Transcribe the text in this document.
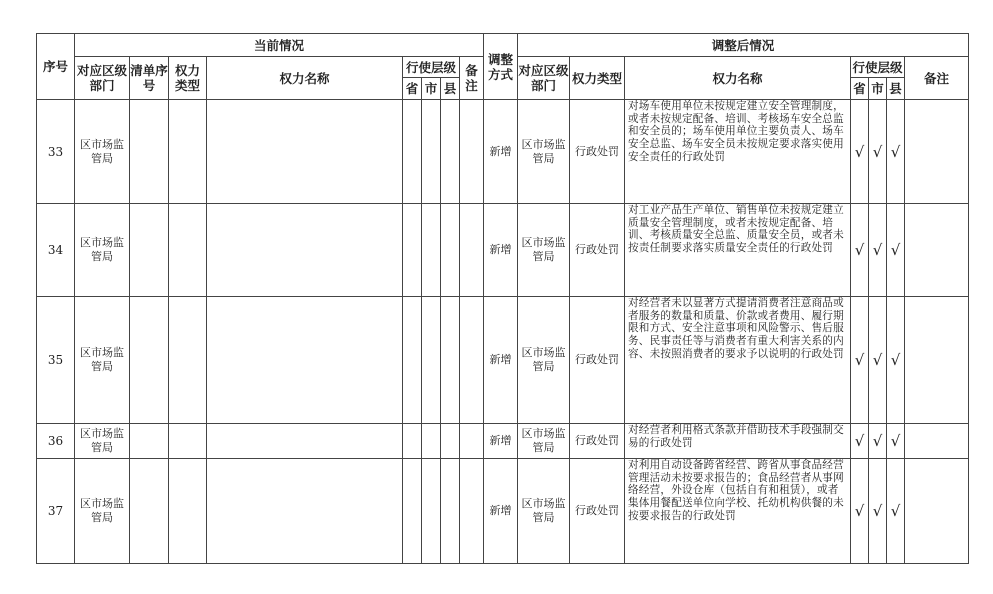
序号	当前情况								调整方式	调整后情况						
	对应区级部门	清单序号	权力类型	权力名称	行使层级			备注		对应区级部门	权力类型	权力名称	行使层级			备注
					省	市	县						省	市	县	
33	区市场监管局								新增	区市场监管局	行政处罚	对场车使用单位未按规定建立安全管理制度，或者未按规定配备、培训、考核场车安全总监和安全员的；场车使用单位主要负责人、场车安全总监、场车安全员未按规定要求落实使用安全责任的行政处罚	√	√	√	
34	区市场监管局								新增	区市场监管局	行政处罚	对工业产品生产单位、销售单位未按规定建立质量安全管理制度，或者未按规定配备、培训、考核质量安全总监、质量安全员，或者未按责任制要求落实质量安全责任的行政处罚	√	√	√	
35	区市场监管局								新增	区市场监管局	行政处罚	对经营者未以显著方式提请消费者注意商品或者服务的数量和质量、价款或者费用、履行期限和方式、安全注意事项和风险警示、售后服务、民事责任等与消费者有重大利害关系的内容、未按照消费者的要求予以说明的行政处罚	√	√	√	
36	区市场监管局								新增	区市场监管局	行政处罚	对经营者利用格式条款并借助技术手段强制交易的行政处罚	√	√	√	
37	区市场监管局								新增	区市场监管局	行政处罚	对利用自动设备跨省经营、跨省从事食品经营管理活动未按要求报告的；食品经营者从事网络经营，外设仓库（包括自有和租赁），或者集体用餐配送单位向学校、托幼机构供餐的未按要求报告的行政处罚	√	√	√	
